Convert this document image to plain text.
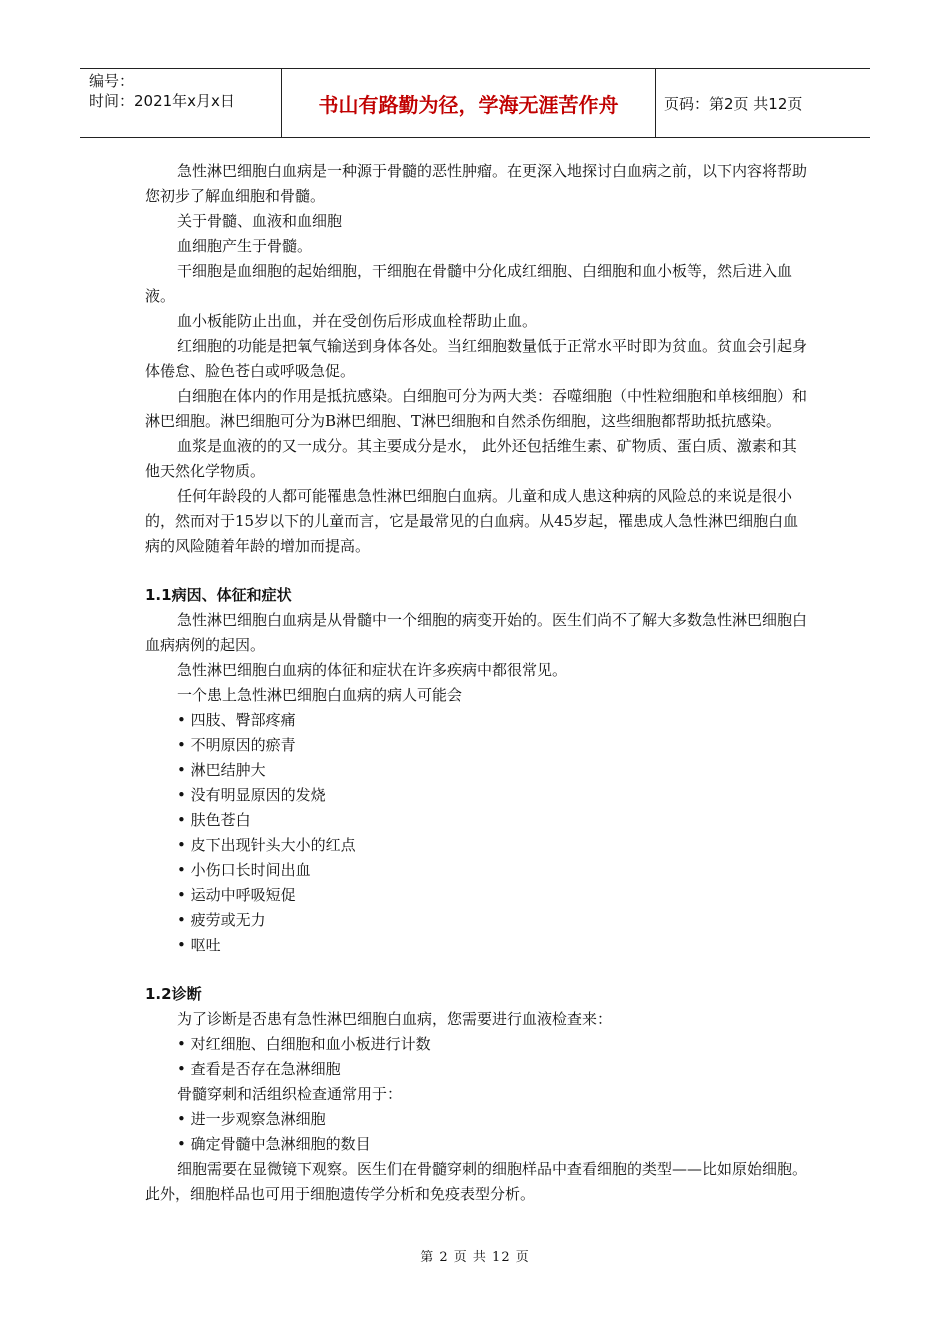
编号：
时间：2021年x月x日	书山有路勤为径，学海无涯苦作舟	页码：第2页 共12页

急性淋巴细胞白血病是一种源于骨髓的恶性肿瘤。在更深入地探讨白血病之前，以下内容将帮助您初步了解血细胞和骨髓。

关于骨髓、血液和血细胞

血细胞产生于骨髓。

干细胞是血细胞的起始细胞，干细胞在骨髓中分化成红细胞、白细胞和血小板等，然后进入血液。

血小板能防止出血，并在受创伤后形成血栓帮助止血。

红细胞的功能是把氧气输送到身体各处。当红细胞数量低于正常水平时即为贫血。贫血会引起身体倦怠、脸色苍白或呼吸急促。

白细胞在体内的作用是抵抗感染。白细胞可分为两大类：吞噬细胞（中性粒细胞和单核细胞）和淋巴细胞。淋巴细胞可分为B淋巴细胞、T淋巴细胞和自然杀伤细胞，这些细胞都帮助抵抗感染。

血浆是血液的的又一成分。其主要成分是水， 此外还包括维生素、矿物质、蛋白质、激素和其他天然化学物质。

任何年龄段的人都可能罹患急性淋巴细胞白血病。儿童和成人患这种病的风险总的来说是很小的，然而对于15岁以下的儿童而言，它是最常见的白血病。从45岁起，罹患成人急性淋巴细胞白血病的风险随着年龄的增加而提高。

1.1病因、体征和症状

急性淋巴细胞白血病是从骨髓中一个细胞的病变开始的。医生们尚不了解大多数急性淋巴细胞白血病病例的起因。

急性淋巴细胞白血病的体征和症状在许多疾病中都很常见。

一个患上急性淋巴细胞白血病的病人可能会

• 四肢、臀部疼痛

• 不明原因的瘀青

• 淋巴结肿大

• 没有明显原因的发烧

• 肤色苍白

• 皮下出现针头大小的红点

• 小伤口长时间出血

• 运动中呼吸短促

• 疲劳或无力

• 呕吐

1.2诊断

为了诊断是否患有急性淋巴细胞白血病，您需要进行血液检查来：

• 对红细胞、白细胞和血小板进行计数

• 查看是否存在急淋细胞

骨髓穿刺和活组织检查通常用于：

• 进一步观察急淋细胞

• 确定骨髓中急淋细胞的数目

细胞需要在显微镜下观察。医生们在骨髓穿刺的细胞样品中查看细胞的类型——比如原始细胞。此外，细胞样品也可用于细胞遗传学分析和免疫表型分析。

第 2 页 共 12 页
